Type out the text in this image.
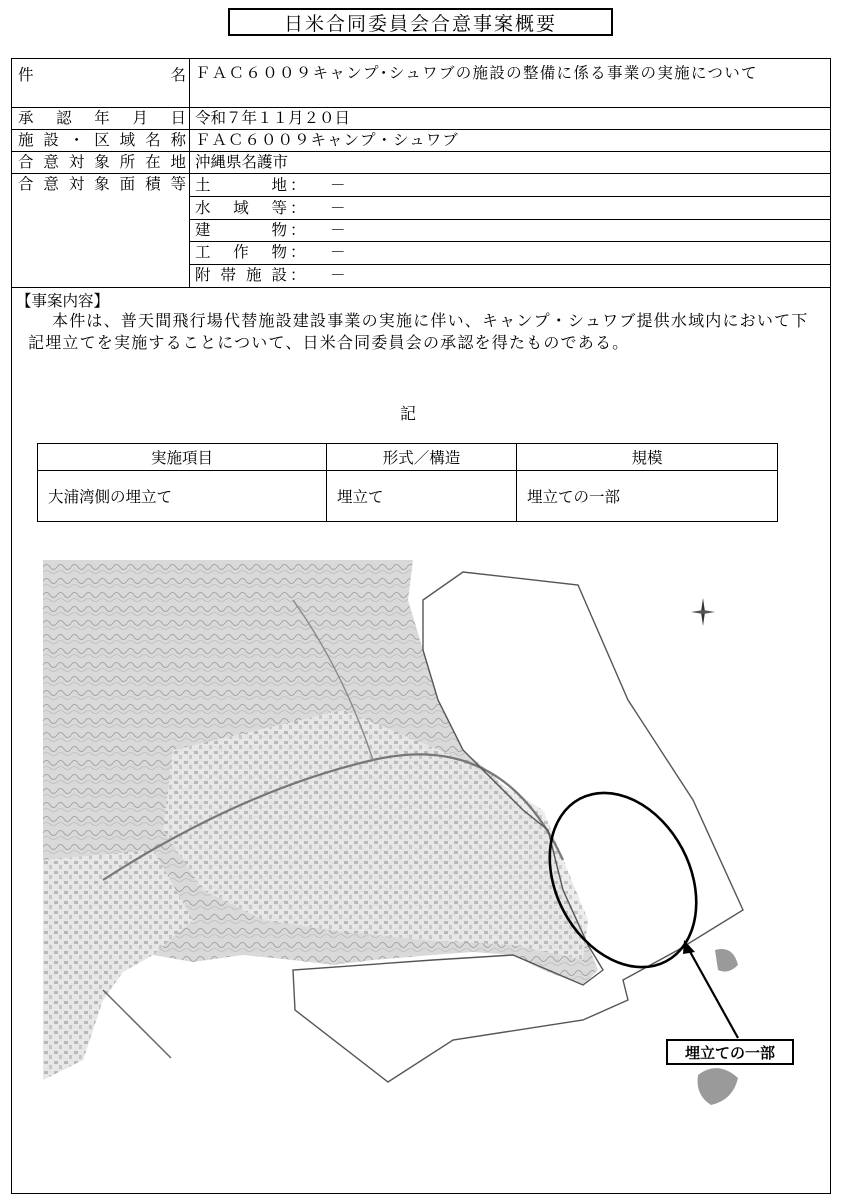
日米合同委員会合意事案概要
件名 ＦＡＣ６００９キャンプ･シュワブの施設の整備に係る事業の実施について
承認年月日 令和７年１１月２０日
施設・区域名称 ＦＡＣ６００９キャンプ・シュワブ
合意対象所在地 沖縄県名護市
合意対象面積等 土地 ： －
水域等 ： －
建物 ： －
工作物 ： －
附帯施設 ： －
【事案内容】
本件は、普天間飛行場代替施設建設事業の実施に伴い、キャンプ・シュワブ提供水域内において下記埋立てを実施することについて、日米合同委員会の承認を得たものである。
記
実施項目	形式／構造	規模
大浦湾側の埋立て	埋立て	埋立ての一部
埋立ての一部
